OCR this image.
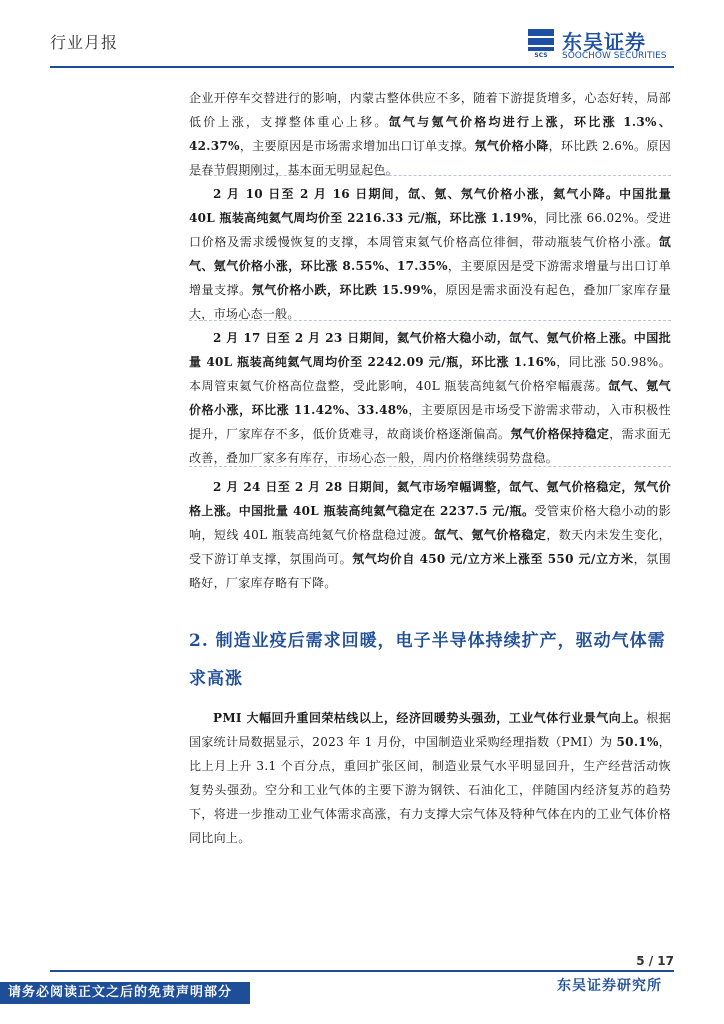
行业月报
SCS
东吴证券
SOOCHOW SECURITIES
企业开停车交替进行的影响，内蒙古整体供应不多，随着下游提货增多，心态好转，局部低价上涨，支撑整体重心上移。氙气与氪气价格均进行上涨，环比涨 1.3%、42.37%，主要原因是市场需求增加出口订单支撑。氖气价格小降，环比跌 2.6%。原因是春节假期刚过，基本面无明显起色。
2 月 10 日至 2 月 16 日期间，氙、氪、氖气价格小涨，氦气小降。中国批量 40L 瓶装高纯氦气周均价至 2216.33 元/瓶，环比涨 1.19%，同比涨 66.02%。受进口价格及需求缓慢恢复的支撑，本周管束氦气价格高位徘徊，带动瓶装气价格小涨。氙气、氪气价格小涨，环比涨 8.55%、17.35%，主要原因是受下游需求增量与出口订单增量支撑。氖气价格小跌，环比跌 15.99%，原因是需求面没有起色，叠加厂家库存量大，市场心态一般。
2 月 17 日至 2 月 23 日期间，氦气价格大稳小动，氙气、氪气价格上涨。中国批量 40L 瓶装高纯氦气周均价至 2242.09 元/瓶，环比涨 1.16%，同比涨 50.98%。本周管束氦气价格高位盘整，受此影响，40L 瓶装高纯氦气价格窄幅震荡。氙气、氪气价格小涨，环比涨 11.42%、33.48%，主要原因是市场受下游需求带动，入市积极性提升，厂家库存不多，低价货难寻，故商谈价格逐渐偏高。氖气价格保持稳定，需求面无改善，叠加厂家多有库存，市场心态一般，周内价格继续弱势盘稳。
2 月 24 日至 2 月 28 日期间，氦气市场窄幅调整，氙气、氪气价格稳定，氖气价格上涨。中国批量 40L 瓶装高纯氦气稳定在 2237.5 元/瓶。受管束价格大稳小动的影响，短线 40L 瓶装高纯氦气价格盘稳过渡。氙气、氪气价格稳定，数天内未发生变化，受下游订单支撑，氛围尚可。氖气均价自 450 元/立方米上涨至 550 元/立方米，氛围略好，厂家库存略有下降。
2. 制造业疫后需求回暖，电子半导体持续扩产，驱动气体需求高涨
PMI 大幅回升重回荣枯线以上，经济回暖势头强劲，工业气体行业景气向上。根据国家统计局数据显示，2023 年 1 月份，中国制造业采购经理指数（PMI）为 50.1%，比上月上升 3.1 个百分点，重回扩张区间，制造业景气水平明显回升，生产经营活动恢复势头强劲。空分和工业气体的主要下游为钢铁、石油化工，伴随国内经济复苏的趋势下，将进一步推动工业气体需求高涨，有力支撑大宗气体及特种气体在内的工业气体价格同比向上。
5 / 17
东吴证券研究所
请务必阅读正文之后的免责声明部分
